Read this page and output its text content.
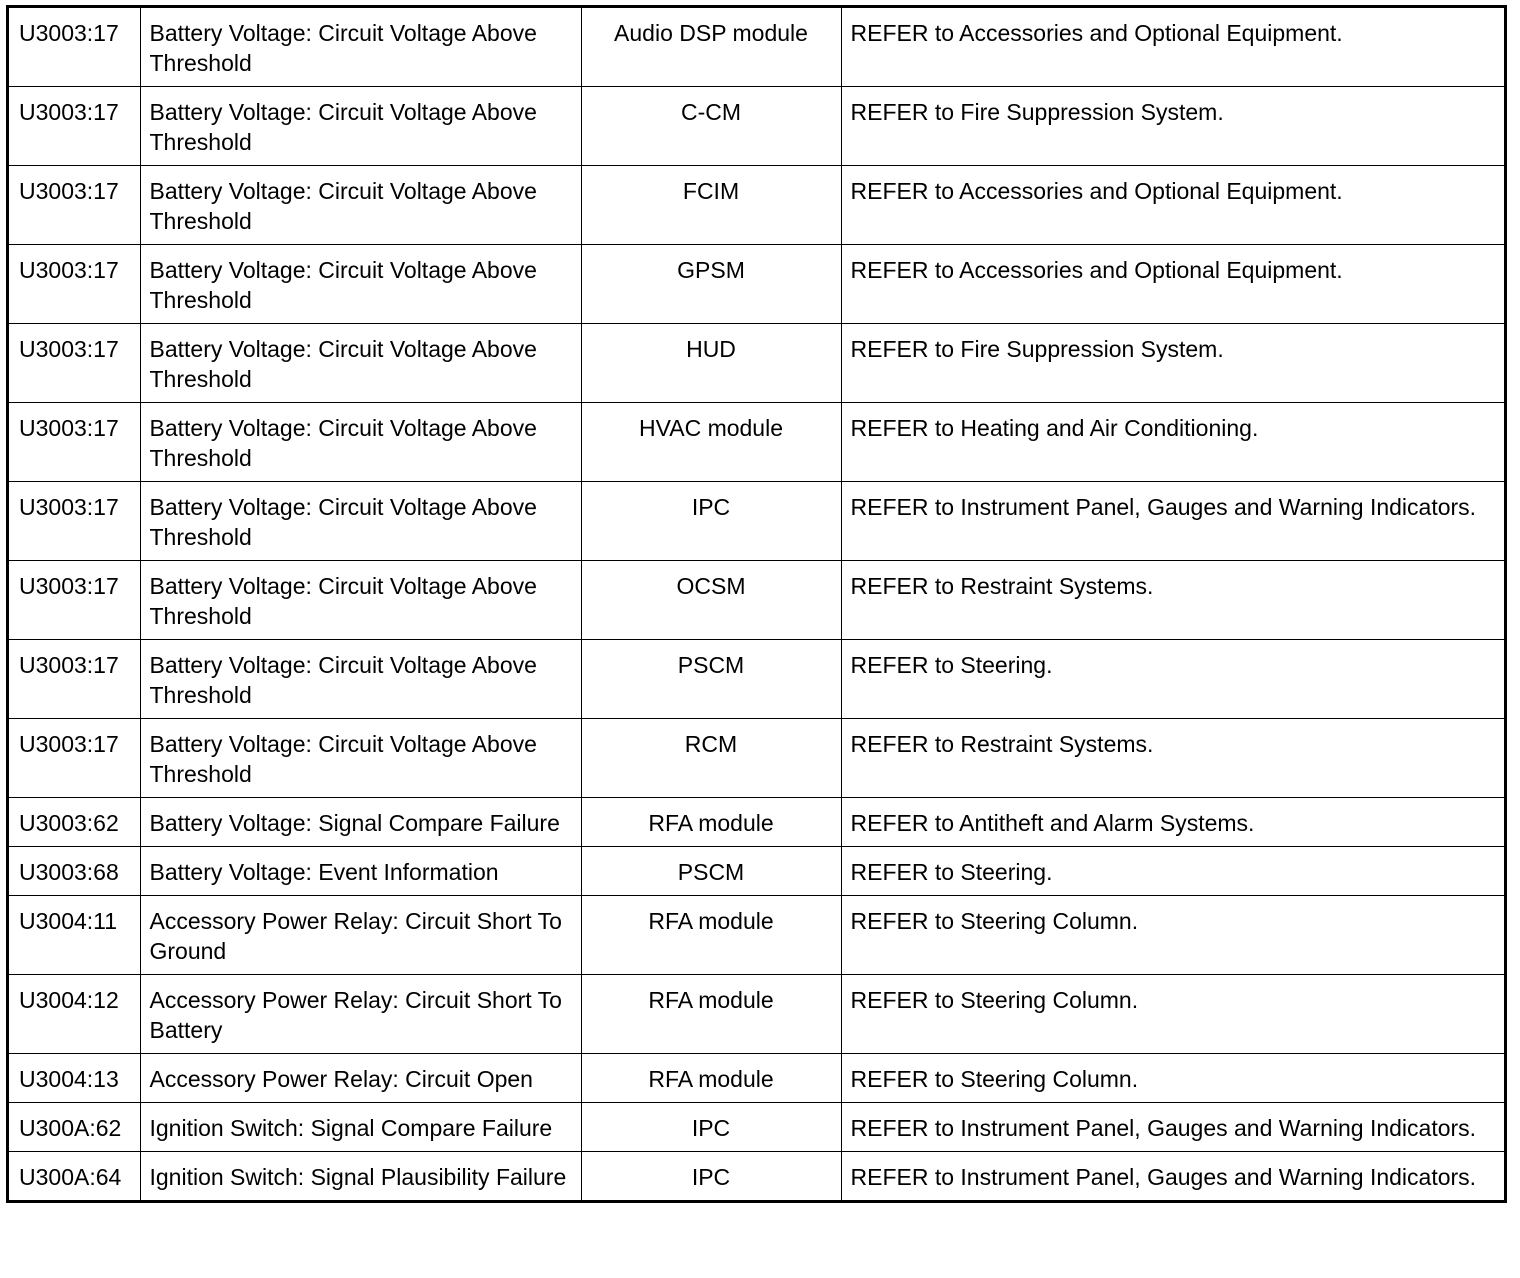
U3003:17	Battery Voltage: Circuit Voltage Above Threshold	Audio DSP module	REFER to Accessories and Optional Equipment.
U3003:17	Battery Voltage: Circuit Voltage Above Threshold	C-CM	REFER to Fire Suppression System.
U3003:17	Battery Voltage: Circuit Voltage Above Threshold	FCIM	REFER to Accessories and Optional Equipment.
U3003:17	Battery Voltage: Circuit Voltage Above Threshold	GPSM	REFER to Accessories and Optional Equipment.
U3003:17	Battery Voltage: Circuit Voltage Above Threshold	HUD	REFER to Fire Suppression System.
U3003:17	Battery Voltage: Circuit Voltage Above Threshold	HVAC module	REFER to Heating and Air Conditioning.
U3003:17	Battery Voltage: Circuit Voltage Above Threshold	IPC	REFER to Instrument Panel, Gauges and Warning Indicators.
U3003:17	Battery Voltage: Circuit Voltage Above Threshold	OCSM	REFER to Restraint Systems.
U3003:17	Battery Voltage: Circuit Voltage Above Threshold	PSCM	REFER to Steering.
U3003:17	Battery Voltage: Circuit Voltage Above Threshold	RCM	REFER to Restraint Systems.
U3003:62	Battery Voltage: Signal Compare Failure	RFA module	REFER to Antitheft and Alarm Systems.
U3003:68	Battery Voltage: Event Information	PSCM	REFER to Steering.
U3004:11	Accessory Power Relay: Circuit Short To Ground	RFA module	REFER to Steering Column.
U3004:12	Accessory Power Relay: Circuit Short To Battery	RFA module	REFER to Steering Column.
U3004:13	Accessory Power Relay: Circuit Open	RFA module	REFER to Steering Column.
U300A:62	Ignition Switch: Signal Compare Failure	IPC	REFER to Instrument Panel, Gauges and Warning Indicators.
U300A:64	Ignition Switch: Signal Plausibility Failure	IPC	REFER to Instrument Panel, Gauges and Warning Indicators.
